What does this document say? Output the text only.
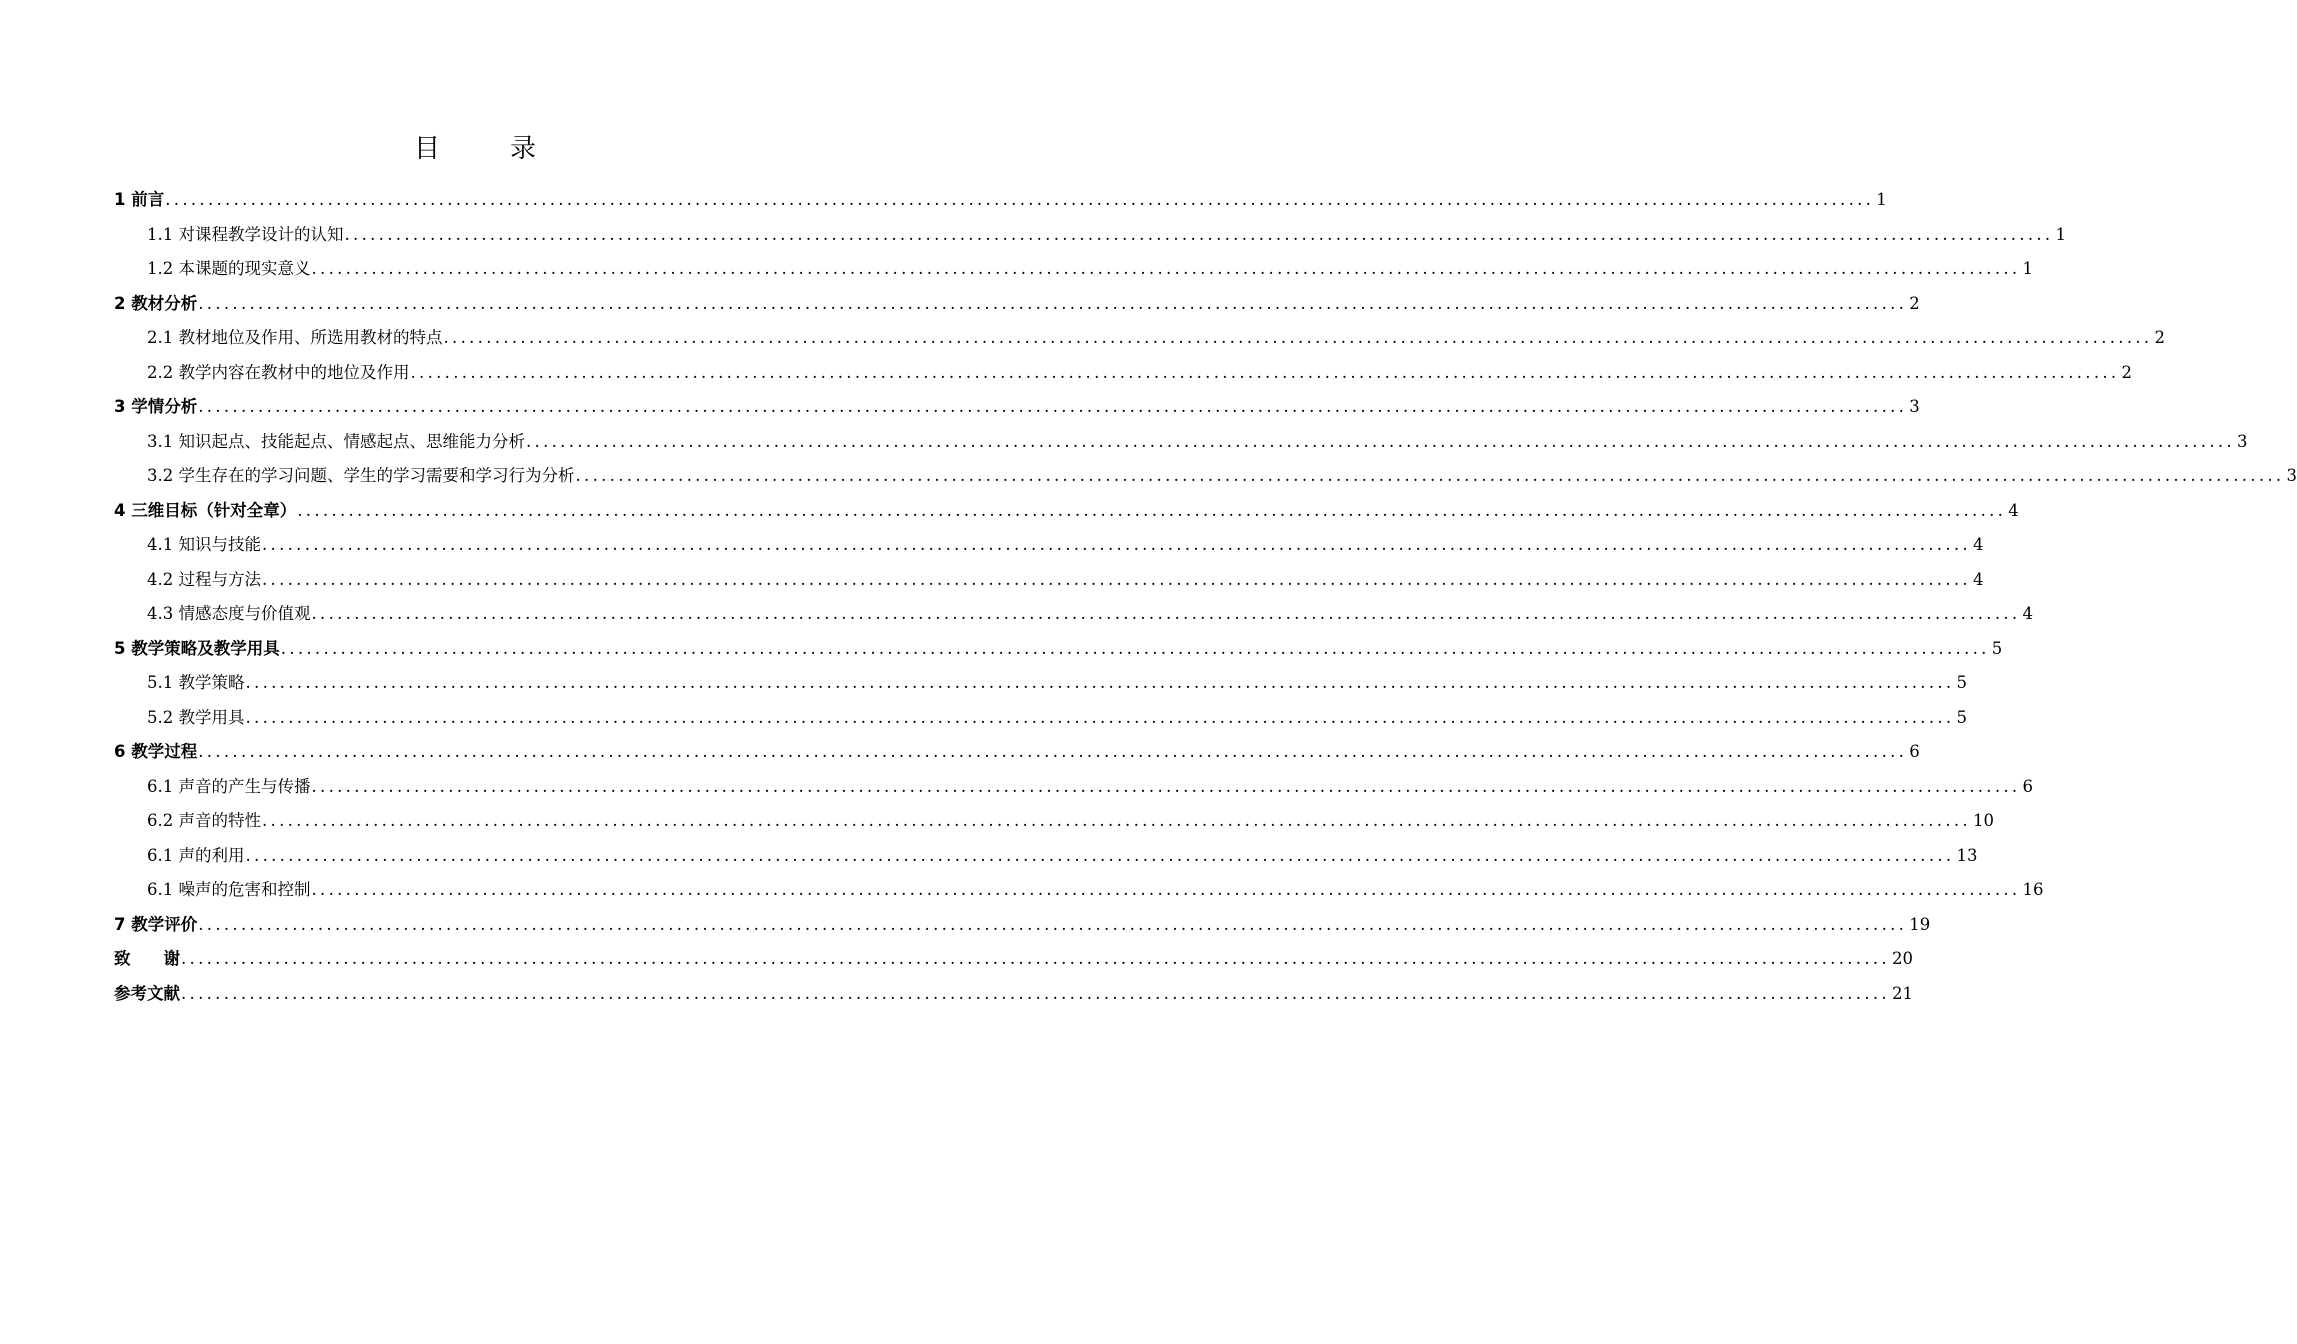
目	录
1 前言 ........................................................................................................................................................................................................ 1
1.1 对课程教学设计的认知 ........................................................................................................................................................................................................ 1
1.2 本课题的现实意义 ........................................................................................................................................................................................................ 1
2 教材分析 ........................................................................................................................................................................................................ 2
2.1 教材地位及作用、所选用教材的特点 ........................................................................................................................................................................................................ 2
2.2 教学内容在教材中的地位及作用 ........................................................................................................................................................................................................ 2
3 学情分析 ........................................................................................................................................................................................................ 3
3.1 知识起点、技能起点、情感起点、思维能力分析 ........................................................................................................................................................................................................ 3
3.2 学生存在的学习问题、学生的学习需要和学习行为分析 ........................................................................................................................................................................................................ 3
4 三维目标（针对全章） ........................................................................................................................................................................................................ 4
4.1 知识与技能 ........................................................................................................................................................................................................ 4
4.2 过程与方法 ........................................................................................................................................................................................................ 4
4.3 情感态度与价值观 ........................................................................................................................................................................................................ 4
5 教学策略及教学用具 ........................................................................................................................................................................................................ 5
5.1 教学策略 ........................................................................................................................................................................................................ 5
5.2 教学用具 ........................................................................................................................................................................................................ 5
6 教学过程 ........................................................................................................................................................................................................ 6
6.1 声音的产生与传播 ........................................................................................................................................................................................................ 6
6.2 声音的特性 ........................................................................................................................................................................................................ 10
6.1 声的利用 ........................................................................................................................................................................................................ 13
6.1 噪声的危害和控制 ........................................................................................................................................................................................................ 16
7 教学评价 ........................................................................................................................................................................................................ 19
致　　谢 ........................................................................................................................................................................................................ 20
参考文献 ........................................................................................................................................................................................................ 21
